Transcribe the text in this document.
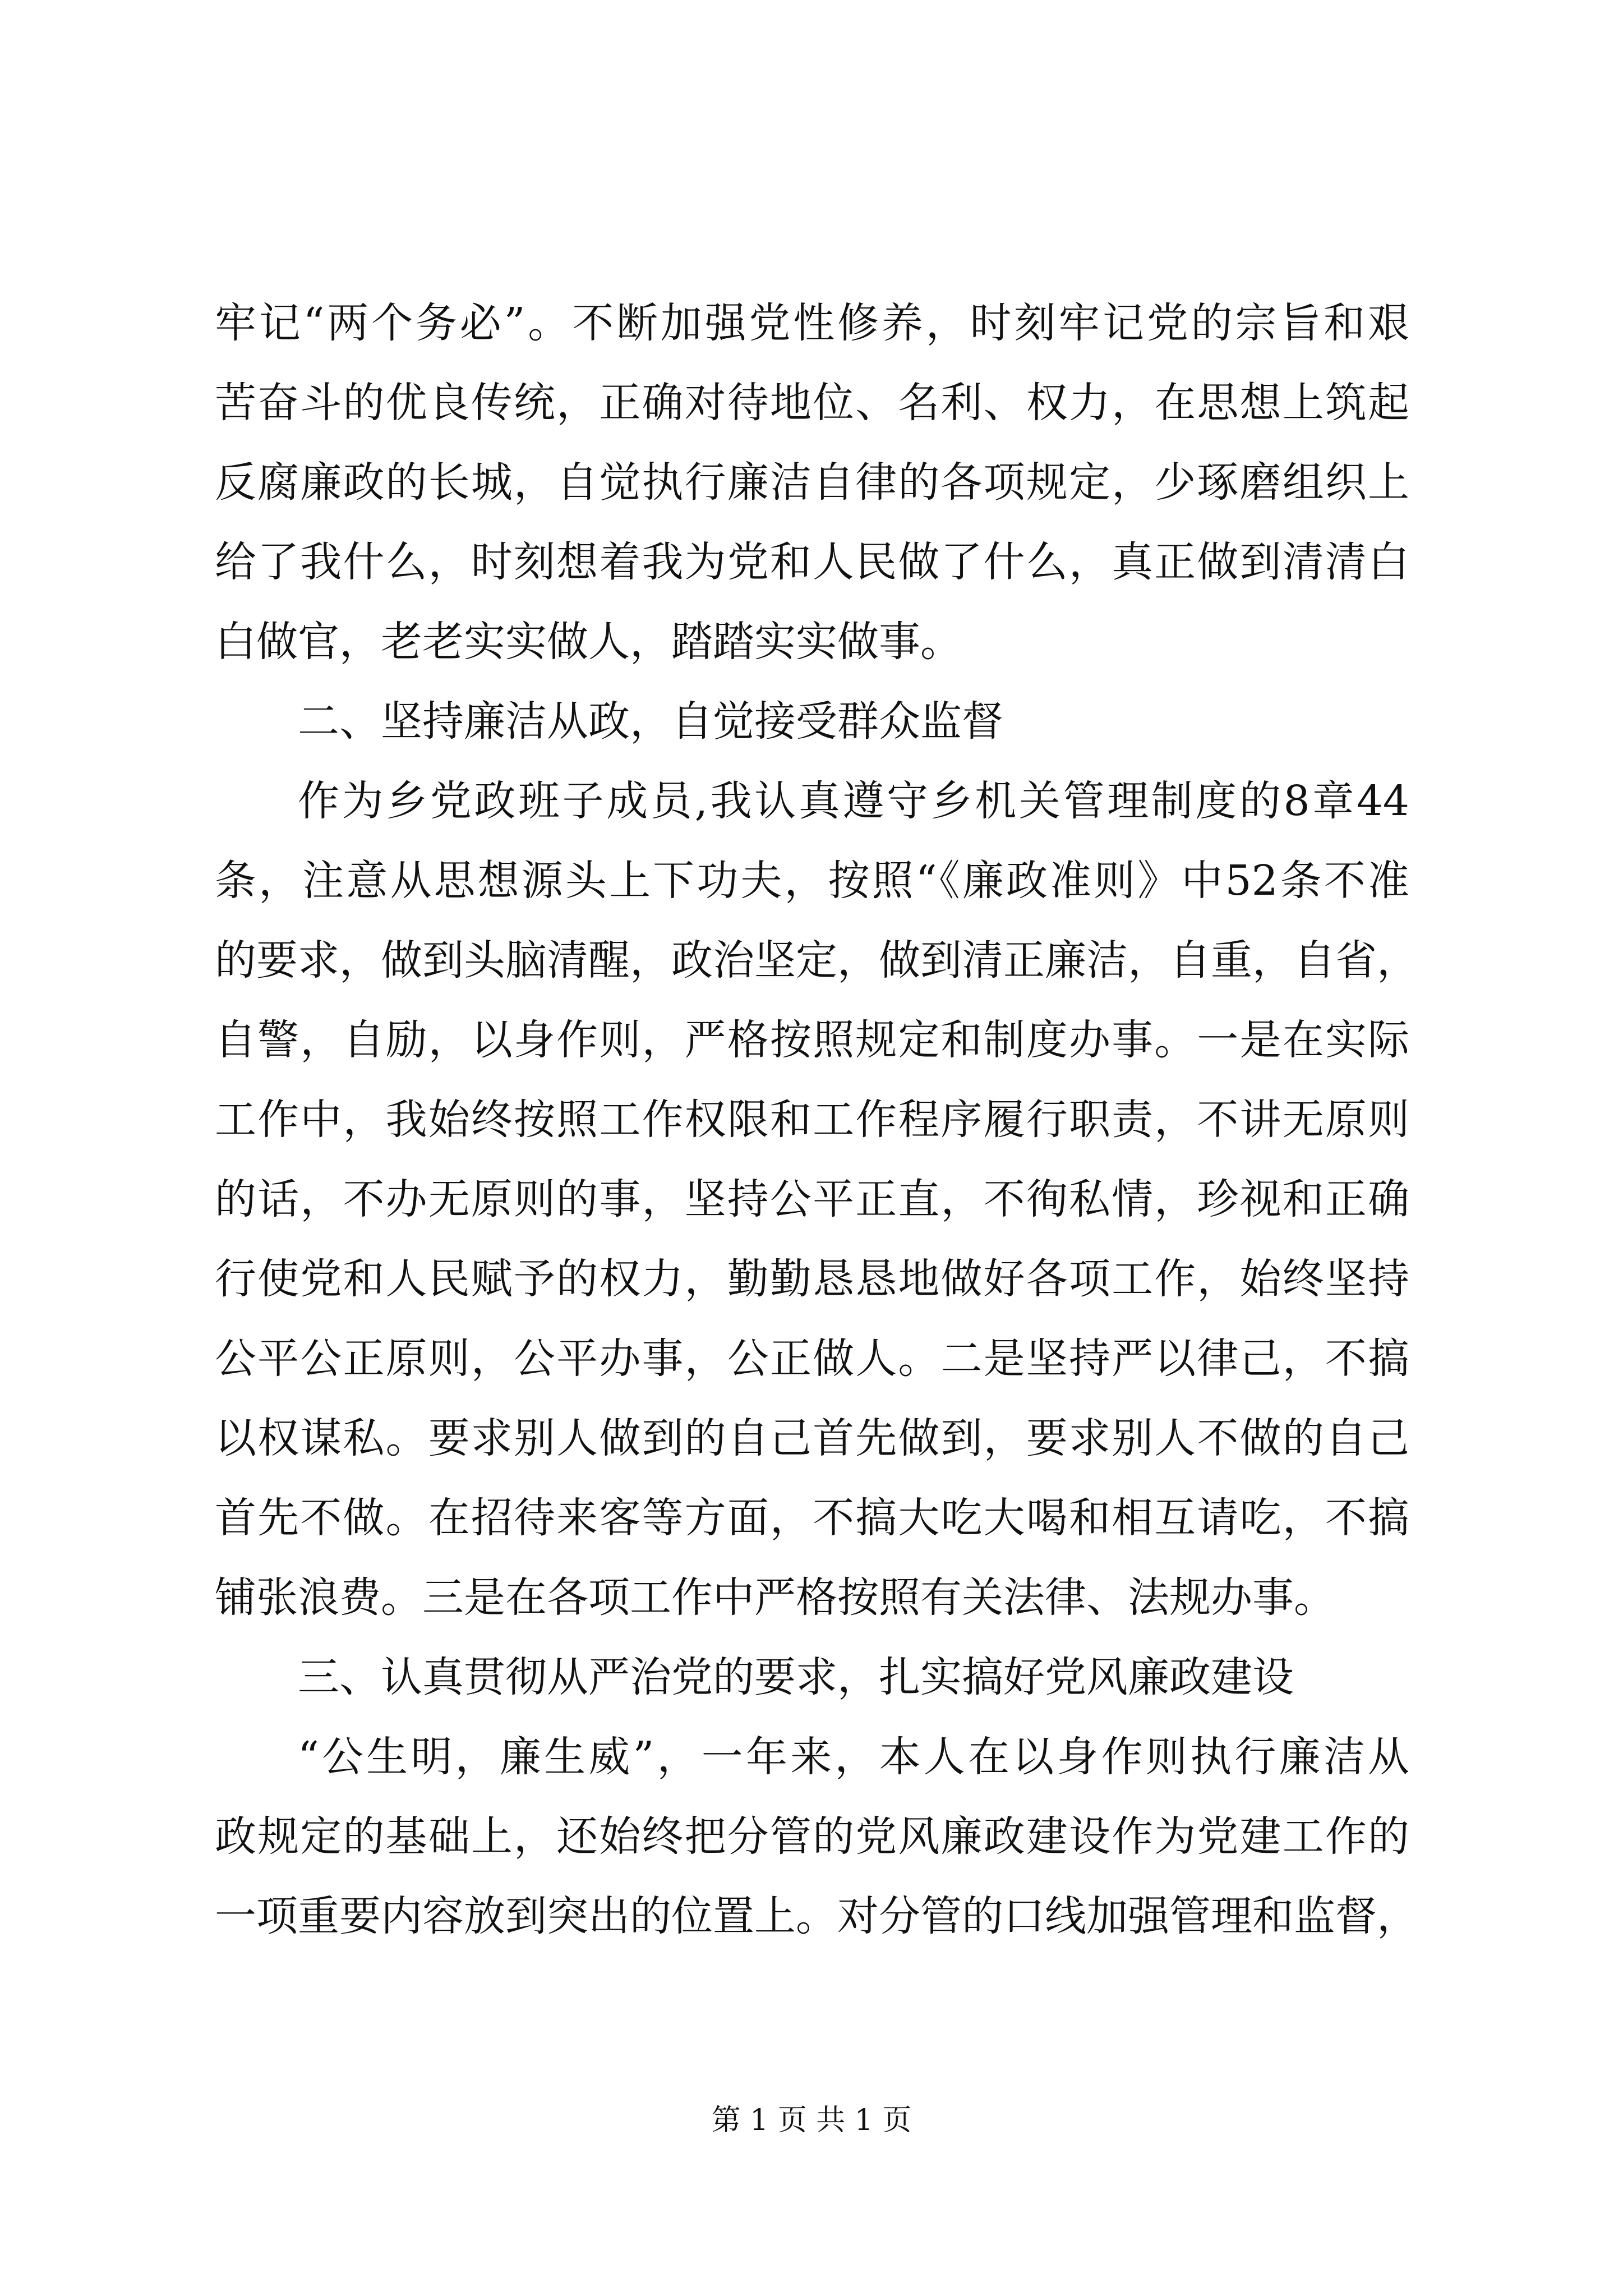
牢记“两个务必”。不断加强党性修养，时刻牢记党的宗旨和艰
苦奋斗的优良传统，正确对待地位、名利、权力，在思想上筑起
反腐廉政的长城，自觉执行廉洁自律的各项规定，少琢磨组织上
给了我什么，时刻想着我为党和人民做了什么，真正做到清清白
白做官，老老实实做人，踏踏实实做事。
二、坚持廉洁从政，自觉接受群众监督
作为乡党政班子成员,我认真遵守乡机关管理制度的8章44
条，注意从思想源头上下功夫，按照“《廉政准则》中52条不准
的要求，做到头脑清醒，政治坚定，做到清正廉洁，自重，自省，
自警，自励，以身作则，严格按照规定和制度办事。一是在实际
工作中，我始终按照工作权限和工作程序履行职责，不讲无原则
的话，不办无原则的事，坚持公平正直，不徇私情，珍视和正确
行使党和人民赋予的权力，勤勤恳恳地做好各项工作，始终坚持
公平公正原则，公平办事，公正做人。二是坚持严以律己，不搞
以权谋私。要求别人做到的自己首先做到，要求别人不做的自己
首先不做。在招待来客等方面，不搞大吃大喝和相互请吃，不搞
铺张浪费。三是在各项工作中严格按照有关法律、法规办事。
三、认真贯彻从严治党的要求，扎实搞好党风廉政建设
“公生明，廉生威”，一年来，本人在以身作则执行廉洁从
政规定的基础上，还始终把分管的党风廉政建设作为党建工作的
一项重要内容放到突出的位置上。对分管的口线加强管理和监督，
第 1 页 共 1 页
